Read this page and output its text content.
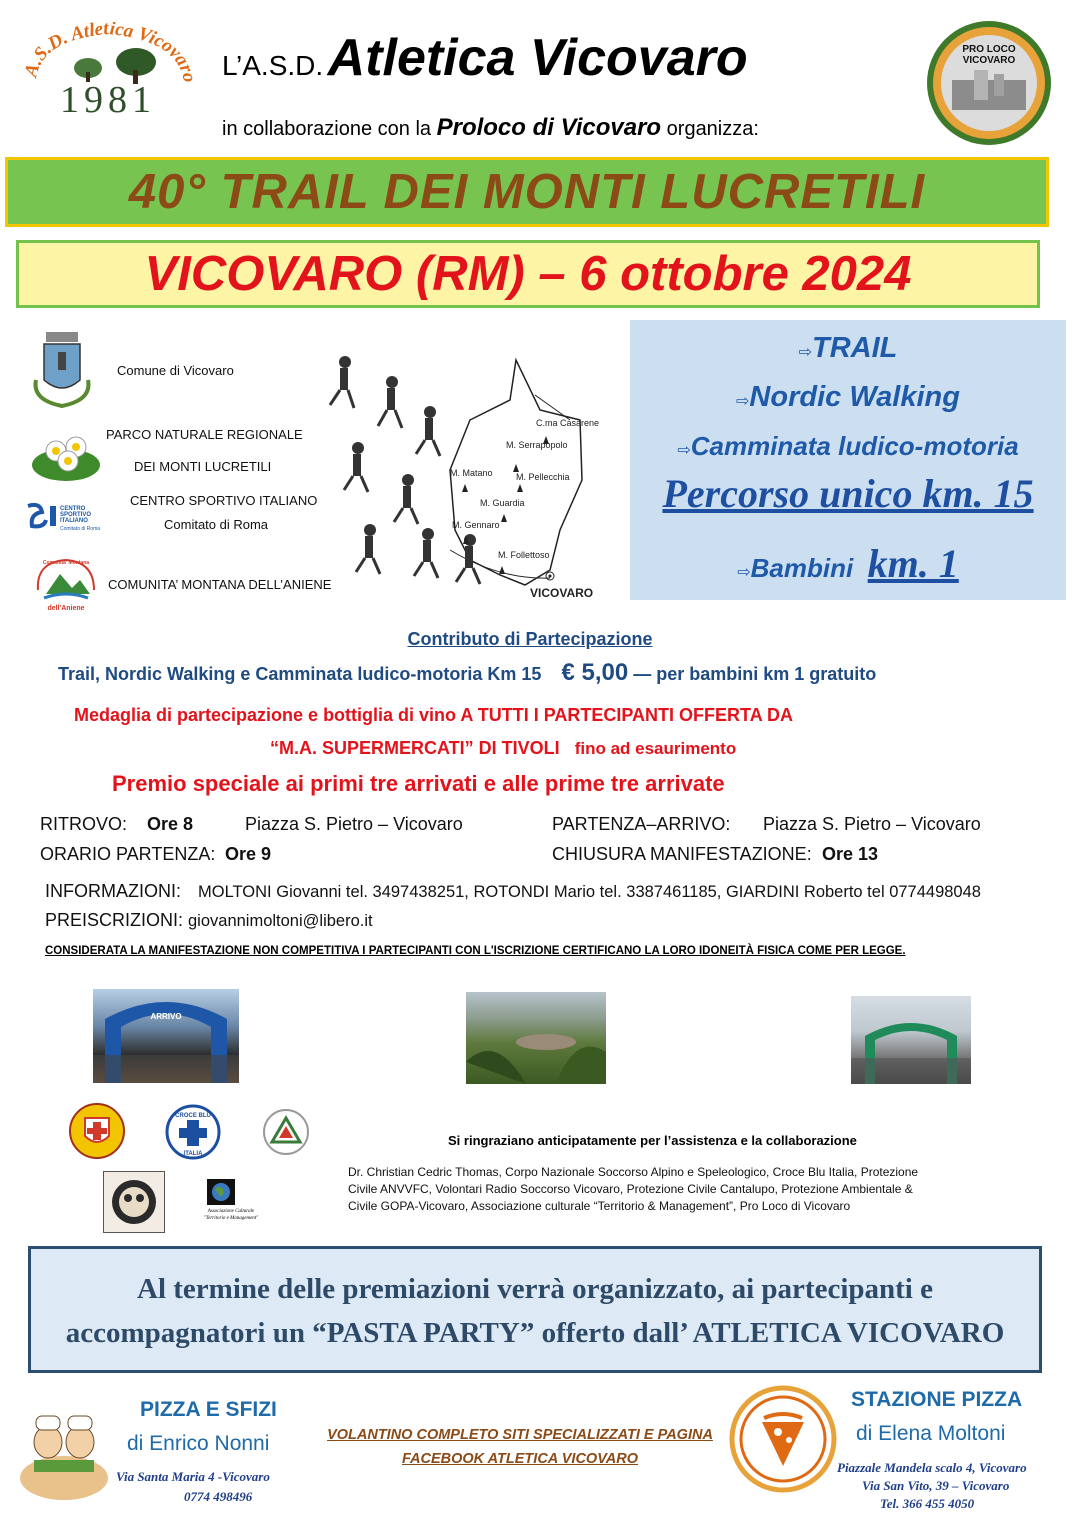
A.S.D. Atletica Vicovaro
1981
L’A.S.D. Atletica Vicovaro
in collaborazione con la Proloco di Vicovaro organizza:
PRO LOCO
VICOVARO
40° TRAIL DEI MONTI LUCRETILI
VICOVARO (RM) – 6 ottobre 2024
Comune di Vicovaro
PARCO NATURALE REGIONALE
DEI MONTI LUCRETILI
CENTRO
SPORTIVO
ITALIANO
Comitato di Roma
CENTRO SPORTIVO ITALIANO
Comitato di Roma
Comunita' Montana
dell'Aniene
COMUNITA’ MONTANA DELL’ANIENE
C.ma Casarene
M. Serrapopolo
M. Matano	M. Pellecchia
M. Guardia
M. Gennaro
M. Follettoso
VICOVARO
⇨TRAIL
⇨Nordic Walking
⇨Camminata ludico-motoria
Percorso unico km. 15
⇨Bambini km. 1
Contributo di Partecipazione
Trail, Nordic Walking e Camminata ludico-motoria Km 15 € 5,00 — per bambini km 1 gratuito
Medaglia di partecipazione e bottiglia di vino A TUTTI I PARTECIPANTI OFFERTA DA
“M.A. SUPERMERCATI” DI TIVOLI fino ad esaurimento
Premio speciale ai primi tre arrivati e alle prime tre arrivate
RITROVO: Ore 8	Piazza S. Pietro – Vicovaro	PARTENZA–ARRIVO: Piazza S. Pietro – Vicovaro
ORARIO PARTENZA: Ore 9	CHIUSURA MANIFESTAZIONE: Ore 13
INFORMAZIONI: MOLTONI Giovanni tel. 3497438251, ROTONDI Mario tel. 3387461185, GIARDINI Roberto tel 0774498048
PREISCRIZIONI: giovannimoltoni@libero.it
CONSIDERATA LA MANIFESTAZIONE NON COMPETITIVA I PARTECIPANTI CON L'ISCRIZIONE CERTIFICANO LA LORO IDONEITÀ FISICA COME PER LEGGE.
ARRIVO
CROCE BLU
ITALIA
Associazione Culturale
"Territorio e Management"
Si ringraziano anticipatamente per l’assistenza e la collaborazione
Dr. Christian Cedric Thomas, Corpo Nazionale Soccorso Alpino e Speleologico, Croce Blu Italia, Protezione
Civile ANVVFC, Volontari Radio Soccorso Vicovaro, Protezione Civile Cantalupo, Protezione Ambientale &
Civile GOPA-Vicovaro, Associazione culturale “Territorio & Management”, Pro Loco di Vicovaro
Al termine delle premiazioni verrà organizzato, ai partecipanti e
accompagnatori un “PASTA PARTY” offerto dall’ ATLETICA VICOVARO
PIZZA E SFIZI
di Enrico Nonni
Via Santa Maria 4 -Vicovaro
0774 498496
VOLANTINO COMPLETO SITI SPECIALIZZATI E PAGINA
FACEBOOK ATLETICA VICOVARO
STAZIONE PIZZA
di Elena Moltoni
Piazzale Mandela scalo 4, Vicovaro
Via San Vito, 39 – Vicovaro
Tel. 366 455 4050
